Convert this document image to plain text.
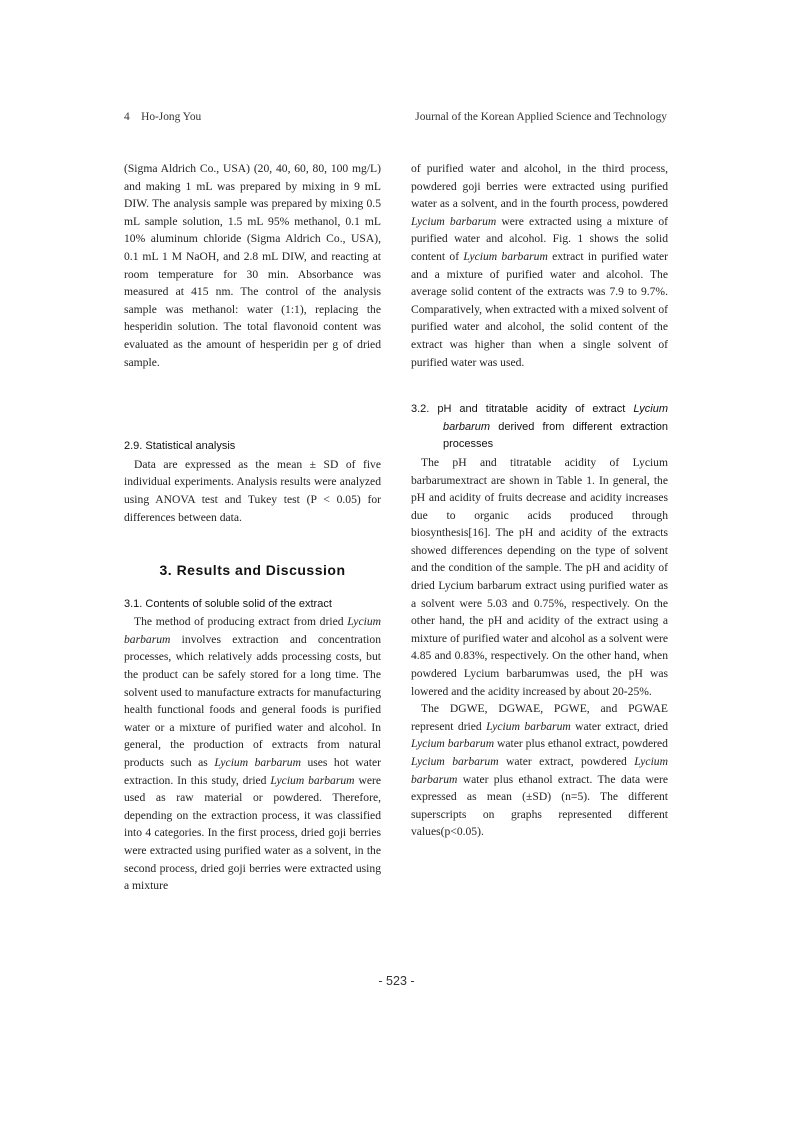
4 Ho-Jong You	Journal of the Korean Applied Science and Technology

(Sigma Aldrich Co., USA) (20, 40, 60, 80, 100 mg/L) and making 1 mL was prepared by mixing in 9 mL DIW. The analysis sample was prepared by mixing 0.5 mL sample solution, 1.5 mL 95% methanol, 0.1 mL 10% aluminum chloride (Sigma Aldrich Co., USA), 0.1 mL 1 M NaOH, and 2.8 mL DIW, and reacting at room temperature for 30 min. Absorbance was measured at 415 nm. The control of the analysis sample was methanol: water (1:1), replacing the hesperidin solution. The total flavonoid content was evaluated as the amount of hesperidin per g of dried sample.

2.9. Statistical analysis

Data are expressed as the mean ± SD of five individual experiments. Analysis results were analyzed using ANOVA test and Tukey test (P < 0.05) for differences between data.

3. Results and Discussion
3.1. Contents of soluble solid of the extract

The method of producing extract from dried Lycium barbarum involves extraction and concentration processes, which relatively adds processing costs, but the product can be safely stored for a long time. The solvent used to manufacture extracts for manufacturing health functional foods and general foods is purified water or a mixture of purified water and alcohol. In general, the production of extracts from natural products such as Lycium barbarum uses hot water extraction. In this study, dried Lycium barbarum were used as raw material or powdered. Therefore, depending on the extraction process, it was classified into 4 categories. In the first process, dried goji berries were extracted using purified water as a solvent, in the second process, dried goji berries were extracted using a mixture

of purified water and alcohol, in the third process, powdered goji berries were extracted using purified water as a solvent, and in the fourth process, powdered Lycium barbarum were extracted using a mixture of purified water and alcohol. Fig. 1 shows the solid content of Lycium barbarum extract in purified water and a mixture of purified water and alcohol. The average solid content of the extracts was 7.9 to 9.7%. Comparatively, when extracted with a mixed solvent of purified water and alcohol, the solid content of the extract was higher than when a single solvent of purified water was used.

3.2. pH and titratable acidity of extract Lycium barbarum derived from different extraction processes

The pH and titratable acidity of Lycium barbarumextract are shown in Table 1. In general, the pH and acidity of fruits decrease and acidity increases due to organic acids produced through biosynthesis[16]. The pH and acidity of the extracts showed differences depending on the type of solvent and the condition of the sample. The pH and acidity of dried Lycium barbarum extract using purified water as a solvent were 5.03 and 0.75%, respectively. On the other hand, the pH and acidity of the extract using a mixture of purified water and alcohol as a solvent were 4.85 and 0.83%, respectively. On the other hand, when powdered Lycium barbarumwas used, the pH was lowered and the acidity increased by about 20-25%.

The DGWE, DGWAE, PGWE, and PGWAE represent dried Lycium barbarum water extract, dried Lycium barbarum water plus ethanol extract, powdered Lycium barbarum water extract, powdered Lycium barbarum water plus ethanol extract. The data were expressed as mean (±SD) (n=5). The different superscripts on graphs represented different values(p<0.05).

- 523 -
